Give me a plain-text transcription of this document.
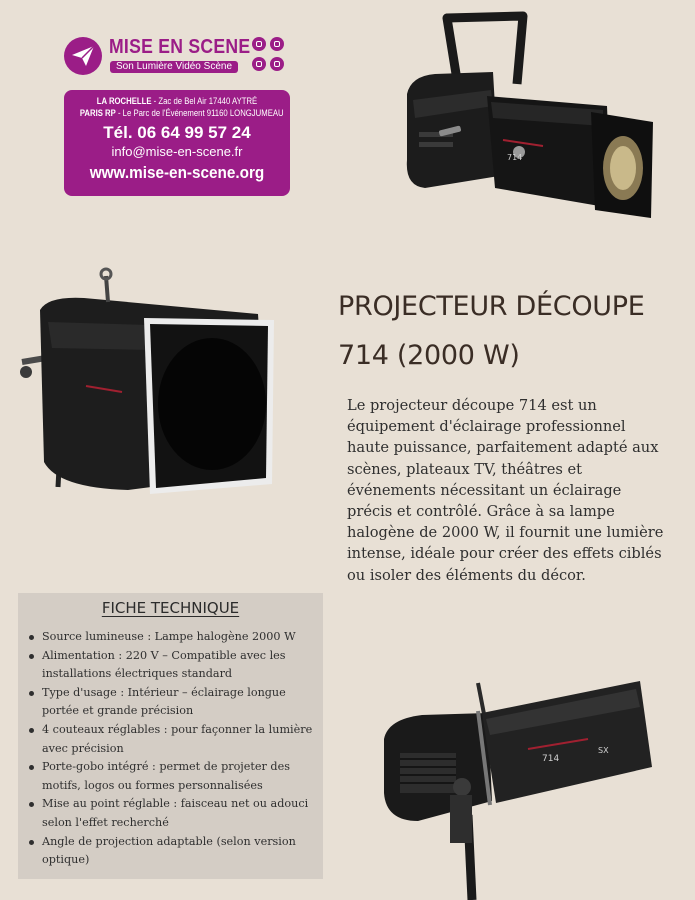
MISE EN SCENE
Son Lumière Vidéo Scène
LA ROCHELLE - Zac de Bel Air 17440 AYTRÉ
PARIS RP - Le Parc de l'Événement 91160 LONGJUMEAU
Tél. 06 64 99 57 24
info@mise-en-scene.fr
www.mise-en-scene.org
714
PROJECTEUR DÉCOUPE
714 (2000 W)

Le projecteur découpe 714 est un équipement d'éclairage professionnel haute puissance, parfaitement adapté aux scènes, plateaux TV, théâtres et événements nécessitant un éclairage précis et contrôlé. Grâce à sa lampe halogène de 2000 W, il fournit une lumière intense, idéale pour créer des effets ciblés ou isoler des éléments du décor.

FICHE TECHNIQUE
Source lumineuse : Lampe halogène 2000 W
Alimentation : 220 V – Compatible avec les installations électriques standard
Type d'usage : Intérieur – éclairage longue portée et grande précision
4 couteaux réglables : pour façonner la lumière avec précision
Porte-gobo intégré : permet de projeter des motifs, logos ou formes personnalisées
Mise au point réglable : faisceau net ou adouci selon l'effet recherché
Angle de projection adaptable (selon version optique)
714
SX
